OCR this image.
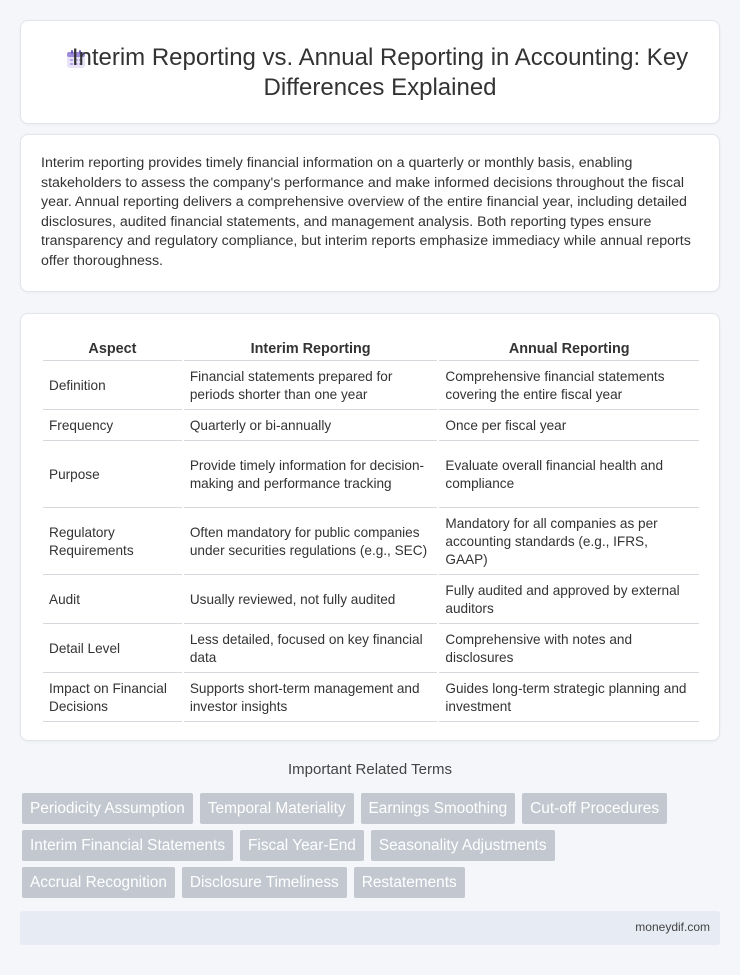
Interim Reporting vs. Annual Reporting in Accounting: Key Differences Explained

Interim reporting provides timely financial information on a quarterly or monthly basis, enabling stakeholders to assess the company's performance and make informed decisions throughout the fiscal year. Annual reporting delivers a comprehensive overview of the entire financial year, including detailed disclosures, audited financial statements, and management analysis. Both reporting types ensure transparency and regulatory compliance, but interim reports emphasize immediacy while annual reports offer thoroughness.

Aspect	Interim Reporting	Annual Reporting
Definition	Financial statements prepared for periods shorter than one year	Comprehensive financial statements covering the entire fiscal year
Frequency	Quarterly or bi-annually	Once per fiscal year
Purpose	Provide timely information for decision-making and performance tracking	Evaluate overall financial health and compliance
Regulatory Requirements	Often mandatory for public companies under securities regulations (e.g., SEC)	Mandatory for all companies as per accounting standards (e.g., IFRS, GAAP)
Audit	Usually reviewed, not fully audited	Fully audited and approved by external auditors
Detail Level	Less detailed, focused on key financial data	Comprehensive with notes and disclosures
Impact on Financial Decisions	Supports short-term management and investor insights	Guides long-term strategic planning and investment
Important Related Terms
Periodicity Assumption	Temporal Materiality	Earnings Smoothing	Cut-off Procedures
Interim Financial Statements	Fiscal Year-End	Seasonality Adjustments
Accrual Recognition	Disclosure Timeliness	Restatements
moneydif.com
